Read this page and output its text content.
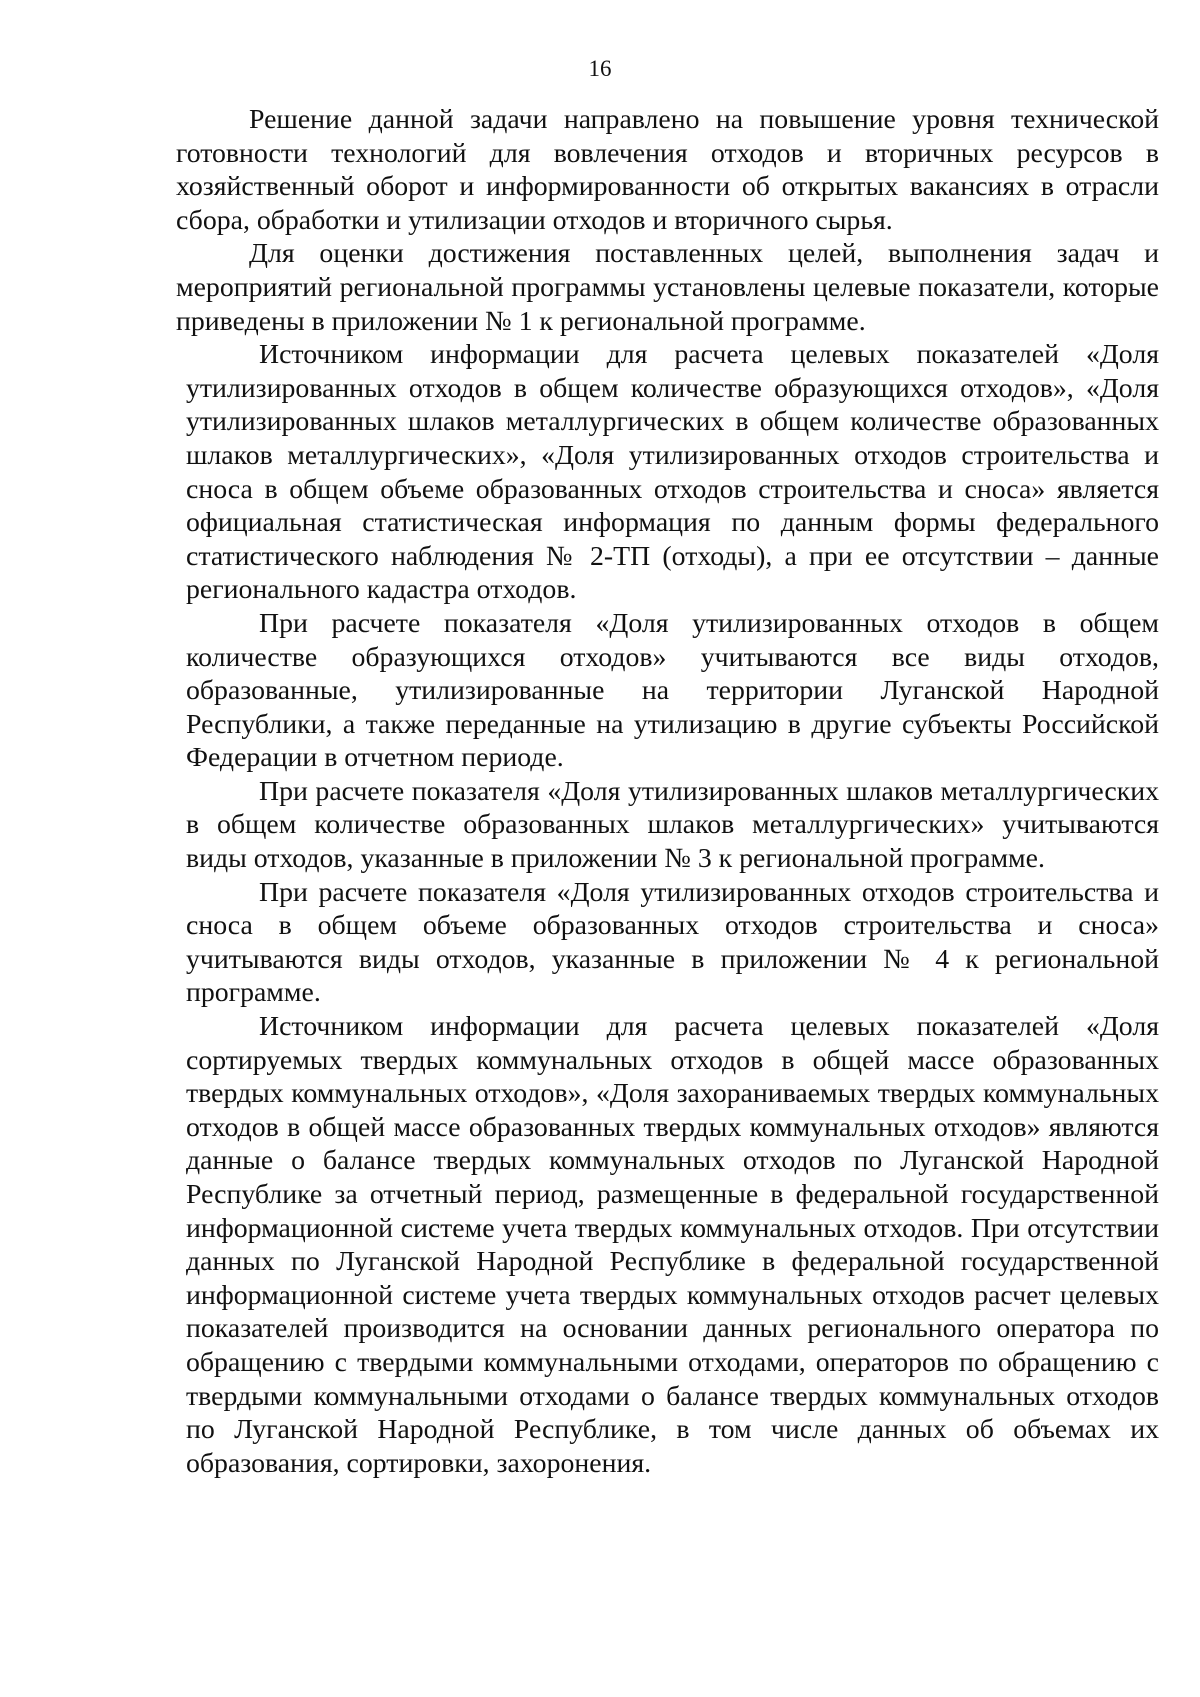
16

Решение данной задачи направлено на повышение уровня технической готовности технологий для вовлечения отходов и вторичных ресурсов в хозяйственный оборот и информированности об открытых вакансиях в отрасли сбора, обработки и утилизации отходов и вторичного сырья.

Для оценки достижения поставленных целей, выполнения задач и мероприятий региональной программы установлены целевые показатели, которые приведены в приложении № 1 к региональной программе.

Источником информации для расчета целевых показателей «Доля утилизированных отходов в общем количестве образующихся отходов», «Доля утилизированных шлаков металлургических в общем количестве образованных шлаков металлургических», «Доля утилизированных отходов строительства и сноса в общем объеме образованных отходов строительства и сноса» является официальная статистическая информация по данным формы федерального статистического наблюдения № 2-ТП (отходы), а при ее отсутствии – данные регионального кадастра отходов.

При расчете показателя «Доля утилизированных отходов в общем количестве образующихся отходов» учитываются все виды отходов, образованные, утилизированные на территории Луганской Народной Республики, а также переданные на утилизацию в другие субъекты Российской Федерации в отчетном периоде.

При расчете показателя «Доля утилизированных шлаков металлургических в общем количестве образованных шлаков металлургических» учитываются виды отходов, указанные в приложении № 3 к региональной программе.

При расчете показателя «Доля утилизированных отходов строительства и сноса в общем объеме образованных отходов строительства и сноса» учитываются виды отходов, указанные в приложении № 4 к региональной программе.

Источником информации для расчета целевых показателей «Доля сортируемых твердых коммунальных отходов в общей массе образованных твердых коммунальных отходов», «Доля захораниваемых твердых коммунальных отходов в общей массе образованных твердых коммунальных отходов» являются данные о балансе твердых коммунальных отходов по Луганской Народной Республике за отчетный период, размещенные в федеральной государственной информационной системе учета твердых коммунальных отходов. При отсутствии данных по Луганской Народной Республике в федеральной государственной информационной системе учета твердых коммунальных отходов расчет целевых показателей производится на основании данных регионального оператора по обращению с твердыми коммунальными отходами, операторов по обращению с твердыми коммунальными отходами о балансе твердых коммунальных отходов по Луганской Народной Республике, в том числе данных об объемах их образования, сортировки, захоронения.
